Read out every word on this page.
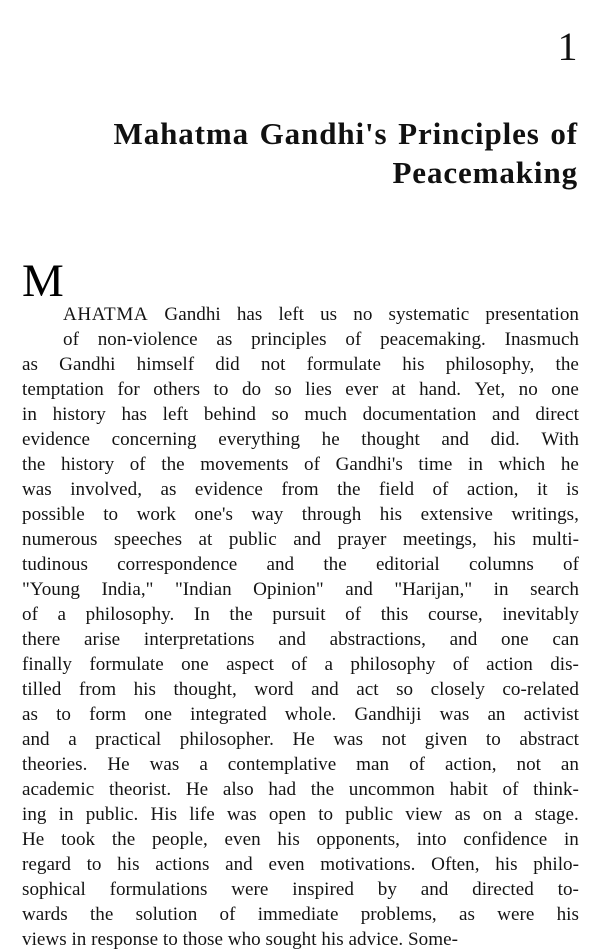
1
Mahatma Gandhi's Principles of
Peacemaking

M
AHATMA Gandhi has left us no systematic presentation
of non-violence as principles of peacemaking. Inasmuch
as Gandhi himself did not formulate his philosophy, the
temptation for others to do so lies ever at hand. Yet, no one
in history has left behind so much documentation and direct
evidence concerning everything he thought and did. With
the history of the movements of Gandhi's time in which he
was involved, as evidence from the field of action, it is
possible to work one's way through his extensive writings,
numerous speeches at public and prayer meetings, his multi-
tudinous correspondence and the editorial columns of
"Young India," "Indian Opinion" and "Harijan," in search
of a philosophy. In the pursuit of this course, inevitably
there arise interpretations and abstractions, and one can
finally formulate one aspect of a philosophy of action dis-
tilled from his thought, word and act so closely co-related
as to form one integrated whole. Gandhiji was an activist
and a practical philosopher. He was not given to abstract
theories. He was a contemplative man of action, not an
academic theorist. He also had the uncommon habit of think-
ing in public. His life was open to public view as on a stage.
He took the people, even his opponents, into confidence in
regard to his actions and even motivations. Often, his philo-
sophical formulations were inspired by and directed to-
wards the solution of immediate problems, as were his
views in response to those who sought his advice. Some-
